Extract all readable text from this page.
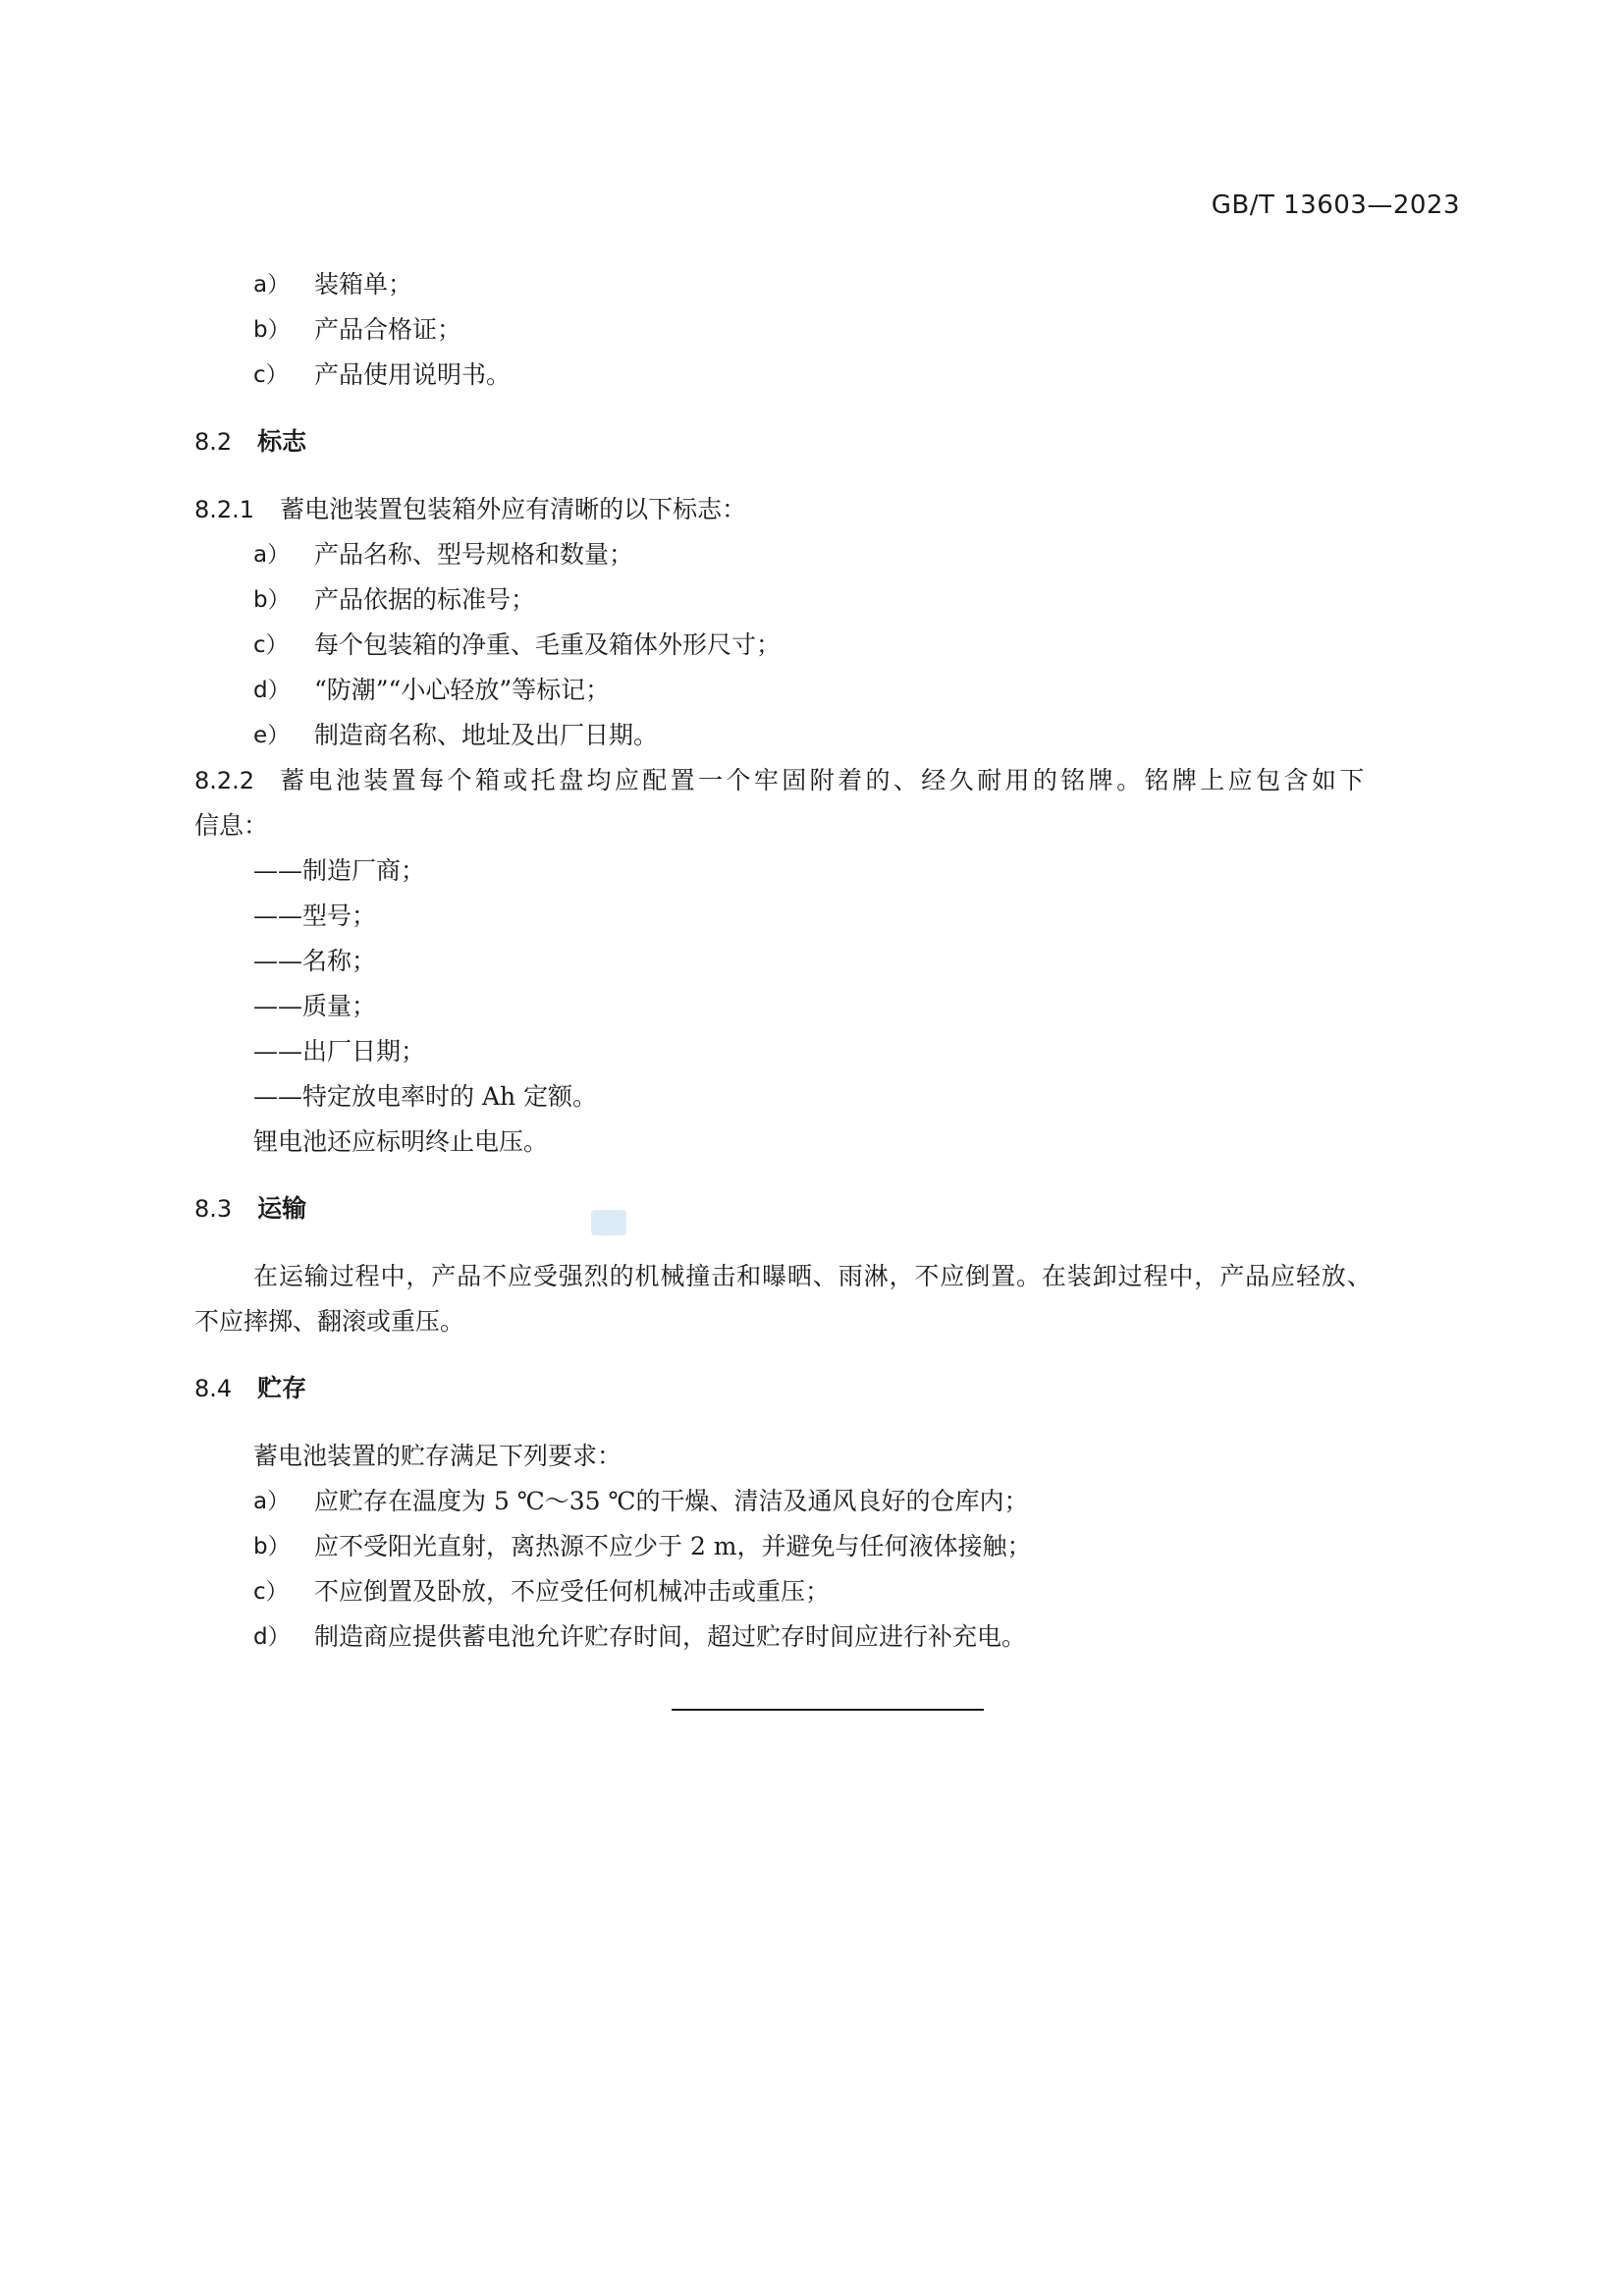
GB/T 13603—2023
a） 装箱单；
b） 产品合格证；
c） 产品使用说明书。
8.2 标志
8.2.1 蓄电池装置包装箱外应有清晰的以下标志：
a） 产品名称、型号规格和数量；
b） 产品依据的标准号；
c） 每个包装箱的净重、毛重及箱体外形尺寸；
d） “防潮”“小心轻放”等标记；
e） 制造商名称、地址及出厂日期。
8.2.2 蓄电池装置每个箱或托盘均应配置一个牢固附着的、经久耐用的铭牌。铭牌上应包含如下
信息：
——制造厂商；
——型号；
——名称；
——质量；
——出厂日期；
——特定放电率时的 Ah 定额。
锂电池还应标明终止电压。
8.3 运输
在运输过程中，产品不应受强烈的机械撞击和曝晒、雨淋，不应倒置。在装卸过程中，产品应轻放、
不应摔掷、翻滚或重压。
8.4 贮存
蓄电池装置的贮存满足下列要求：
a） 应贮存在温度为 5 ℃～35 ℃的干燥、清洁及通风良好的仓库内；
b） 应不受阳光直射，离热源不应少于 2 m，并避免与任何液体接触；
c） 不应倒置及卧放，不应受任何机械冲击或重压；
d） 制造商应提供蓄电池允许贮存时间，超过贮存时间应进行补充电。
